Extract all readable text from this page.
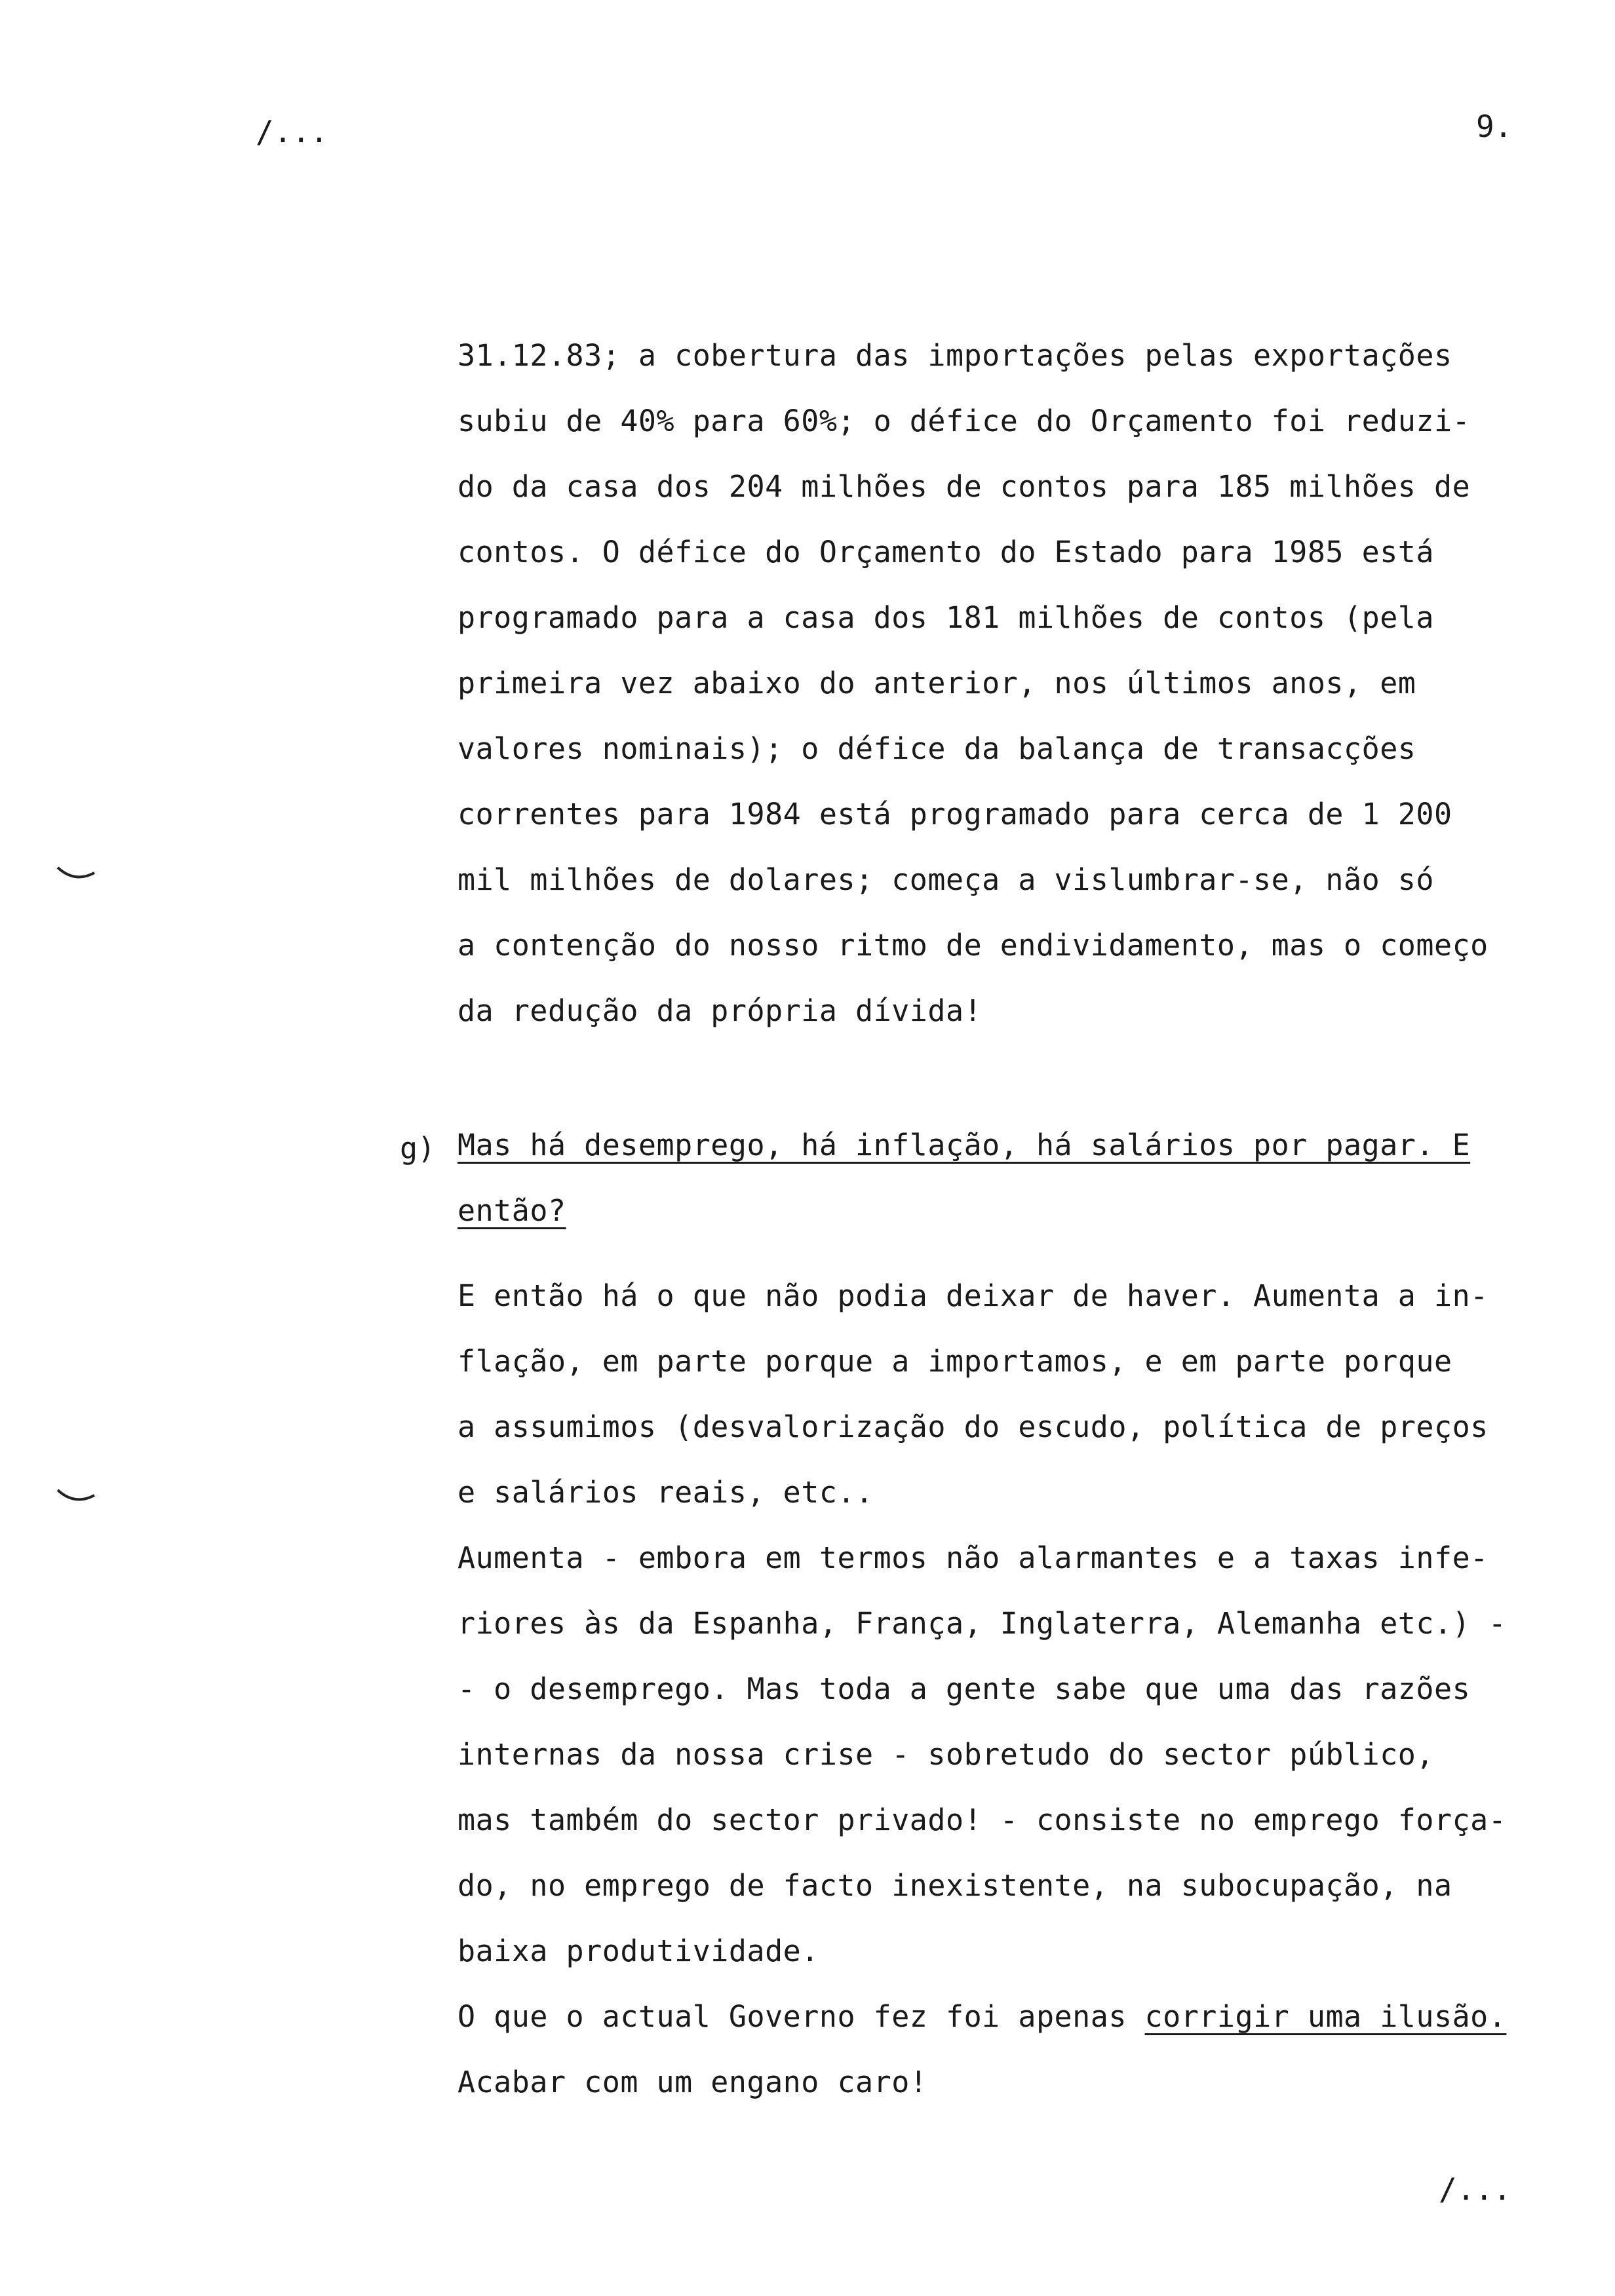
/...	9.
31.12.83; a cobertura das importações pelas exportações
subiu de 40% para 60%; o défice do Orçamento foi reduzi-
do da casa dos 204 milhões de contos para 185 milhões de
contos. O défice do Orçamento do Estado para 1985 está
programado para a casa dos 181 milhões de contos (pela
primeira vez abaixo do anterior, nos últimos anos, em
valores nominais); o défice da balança de transacções
correntes para 1984 está programado para cerca de 1 200
mil milhões de dolares; começa a vislumbrar-se, não só
a contenção do nosso ritmo de endividamento, mas o começo
da redução da própria dívida!
g) Mas há desemprego, há inflação, há salários por pagar. E
então?
E então há o que não podia deixar de haver. Aumenta a in-
flação, em parte porque a importamos, e em parte porque
a assumimos (desvalorização do escudo, política de preços
e salários reais, etc..
Aumenta - embora em termos não alarmantes e a taxas infe-
riores às da Espanha, França, Inglaterra, Alemanha etc.) -
- o desemprego. Mas toda a gente sabe que uma das razões
internas da nossa crise - sobretudo do sector público,
mas também do sector privado! - consiste no emprego força-
do, no emprego de facto inexistente, na subocupação, na
baixa produtividade.
O que o actual Governo fez foi apenas corrigir uma ilusão.
Acabar com um engano caro!
/...
